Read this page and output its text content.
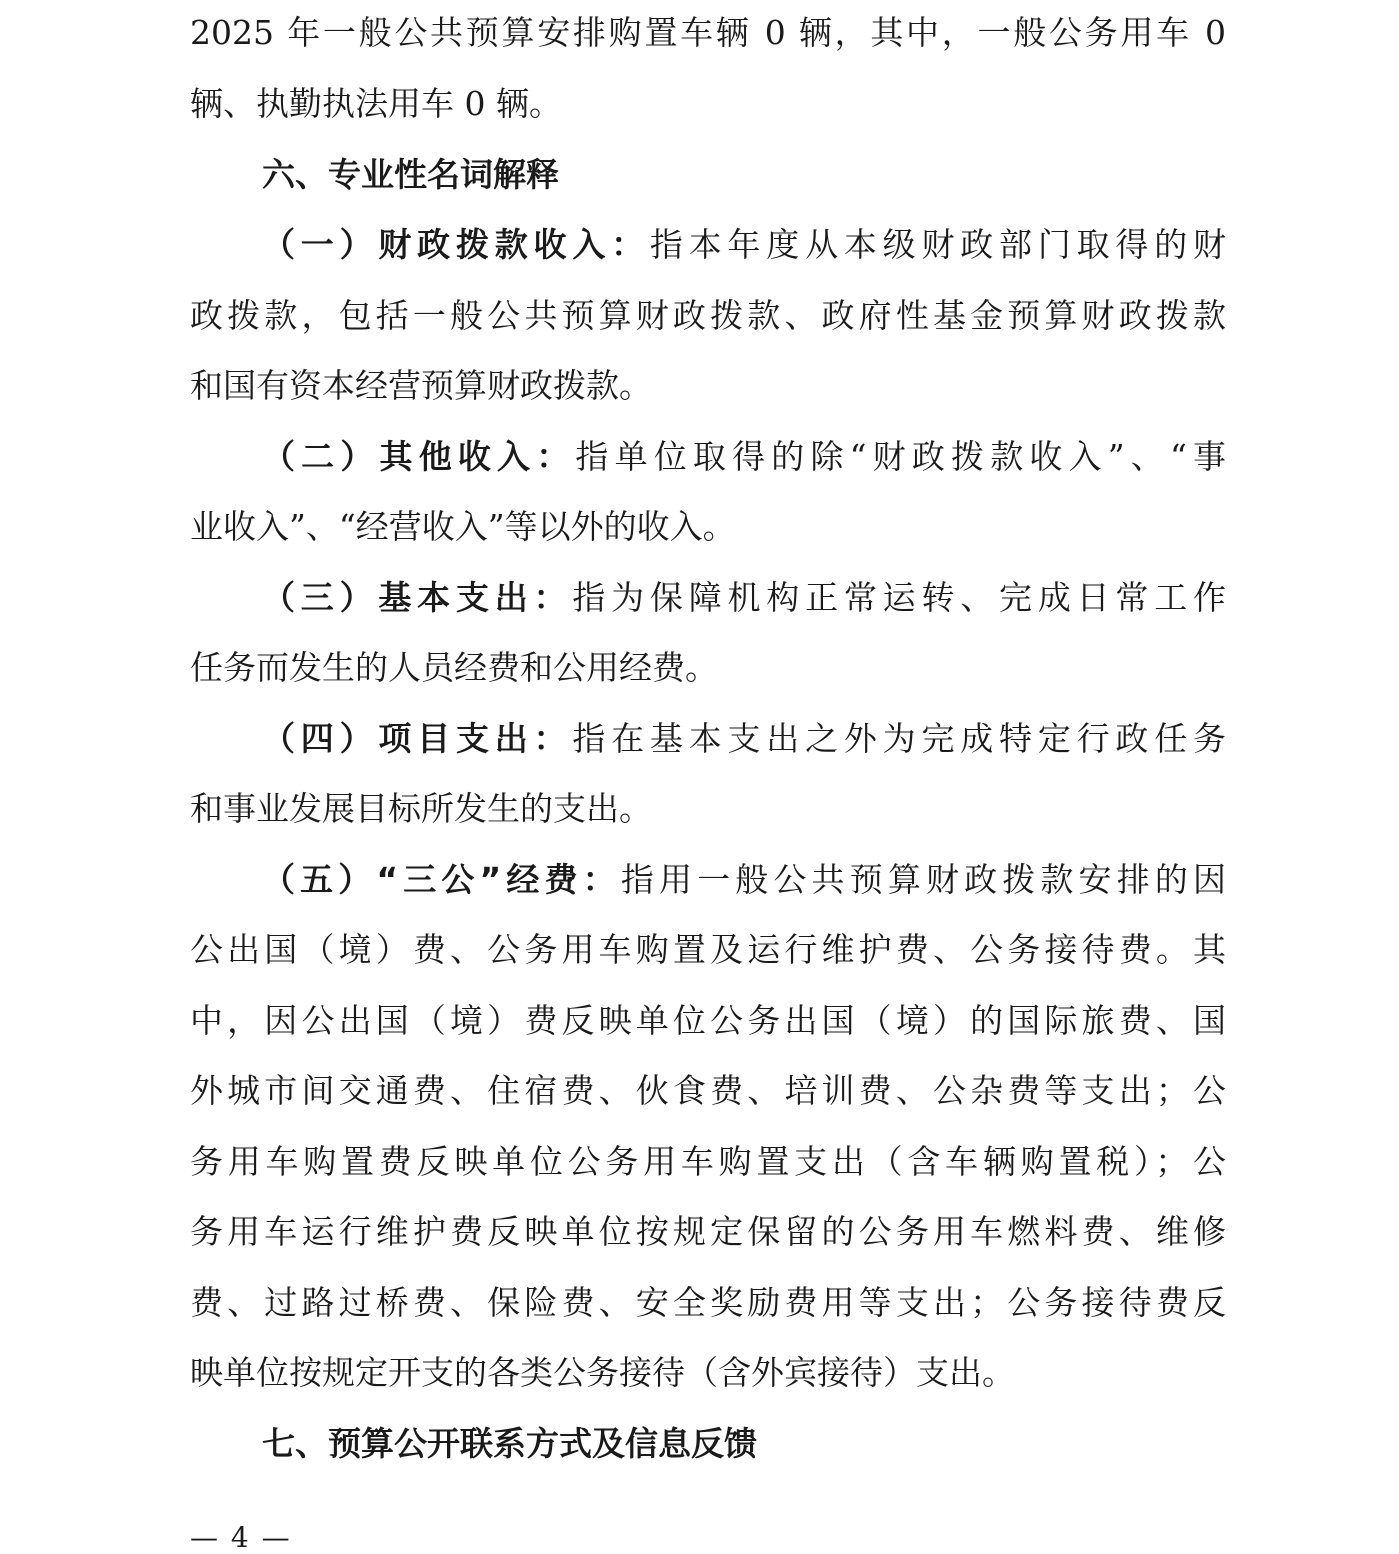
2025 年一般公共预算安排购置车辆 0 辆，其中，一般公务用车 0
辆、执勤执法用车 0 辆。
六、专业性名词解释
（一）财政拨款收入：指本年度从本级财政部门取得的财
政拨款，包括一般公共预算财政拨款、政府性基金预算财政拨款
和国有资本经营预算财政拨款。
（二）其他收入：指单位取得的除“财政拨款收入”、“事
业收入”、“经营收入”等以外的收入。
（三）基本支出：指为保障机构正常运转、完成日常工作
任务而发生的人员经费和公用经费。
（四）项目支出：指在基本支出之外为完成特定行政任务
和事业发展目标所发生的支出。
（五）“三公”经费：指用一般公共预算财政拨款安排的因
公出国（境）费、公务用车购置及运行维护费、公务接待费。其
中，因公出国（境）费反映单位公务出国（境）的国际旅费、国
外城市间交通费、住宿费、伙食费、培训费、公杂费等支出；公
务用车购置费反映单位公务用车购置支出（含车辆购置税）；公
务用车运行维护费反映单位按规定保留的公务用车燃料费、维修
费、过路过桥费、保险费、安全奖励费用等支出；公务接待费反
映单位按规定开支的各类公务接待（含外宾接待）支出。
七、预算公开联系方式及信息反馈
— 4 —
